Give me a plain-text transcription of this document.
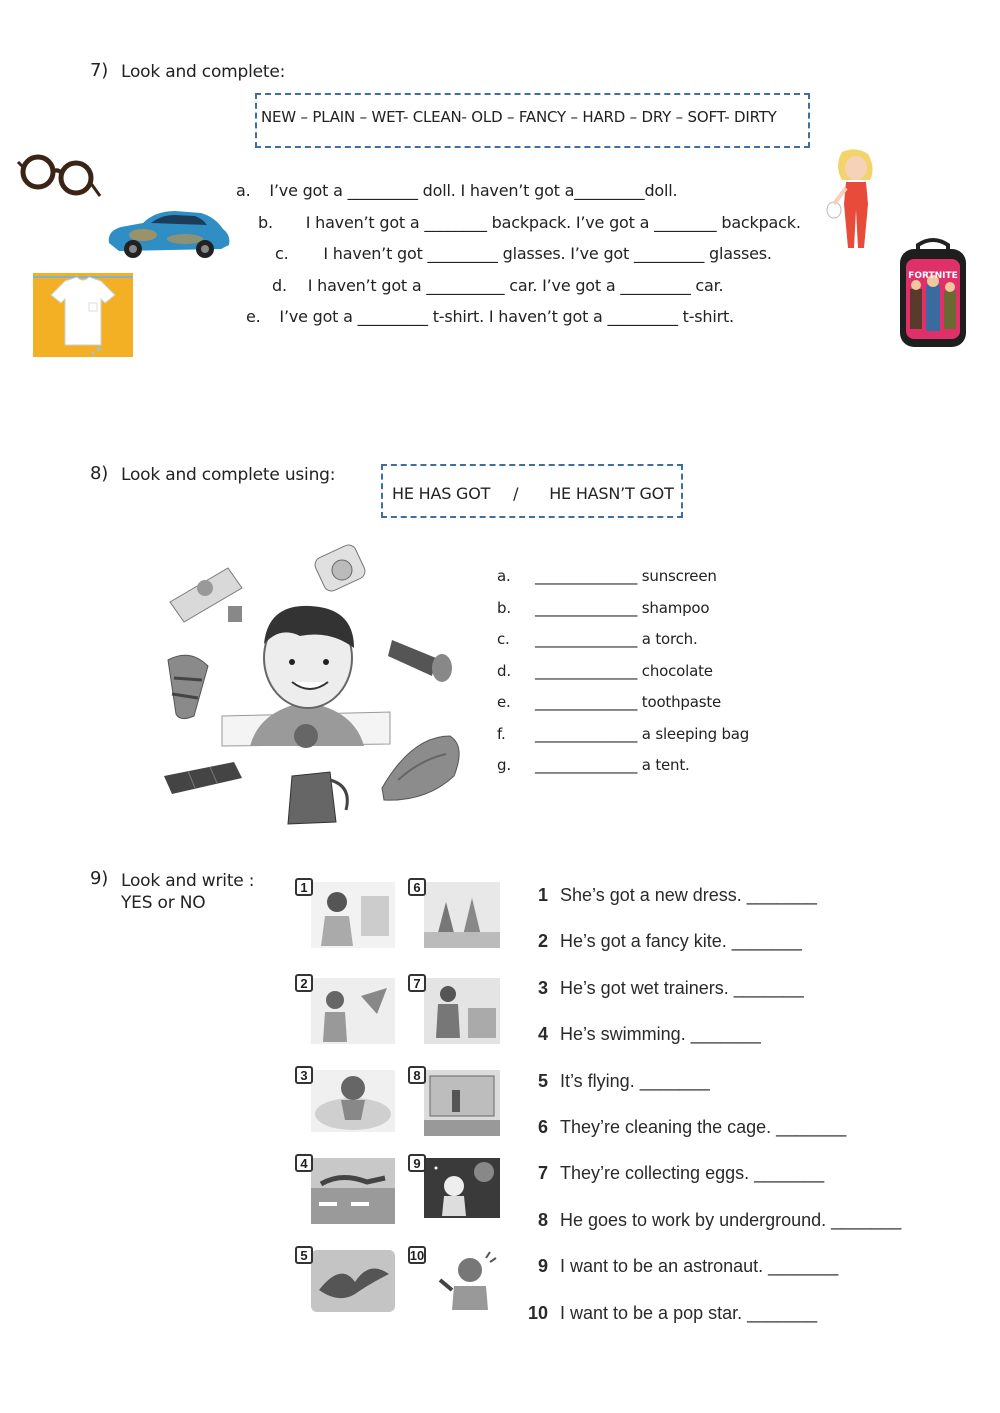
7) Look and complete:
NEW – PLAIN – WET- CLEAN- OLD – FANCY – HARD – DRY – SOFT- DIRTY
FORTNITE
a. I’ve got a _________ doll. I haven’t got a_________doll.
b. I haven’t got a ________ backpack. I’ve got a ________ backpack.
c. I haven’t got _________ glasses. I’ve got _________ glasses.
d. I haven’t got a __________ car. I’ve got a _________ car.
e. I’ve got a _________ t-shirt. I haven’t got a _________ t-shirt.
8) Look and complete using:
HE HAS GOT / HE HASN’T GOT
a. ______________ sunscreen
b. ______________ shampoo
c. ______________ a torch.
d. ______________ chocolate
e. ______________ toothpaste
f. ______________ a sleeping bag
g. ______________ a tent.
9) Look and write :
YES or NO
1	6
2	7
3	8
4	9
5	10
1 She’s got a new dress. _______
2 He’s got a fancy kite. _______
3 He’s got wet trainers. _______
4 He’s swimming. _______
5 It’s flying. _______
6 They’re cleaning the cage. _______
7 They’re collecting eggs. _______
8 He goes to work by underground. _______
9 I want to be an astronaut. _______
10 I want to be a pop star. _______
